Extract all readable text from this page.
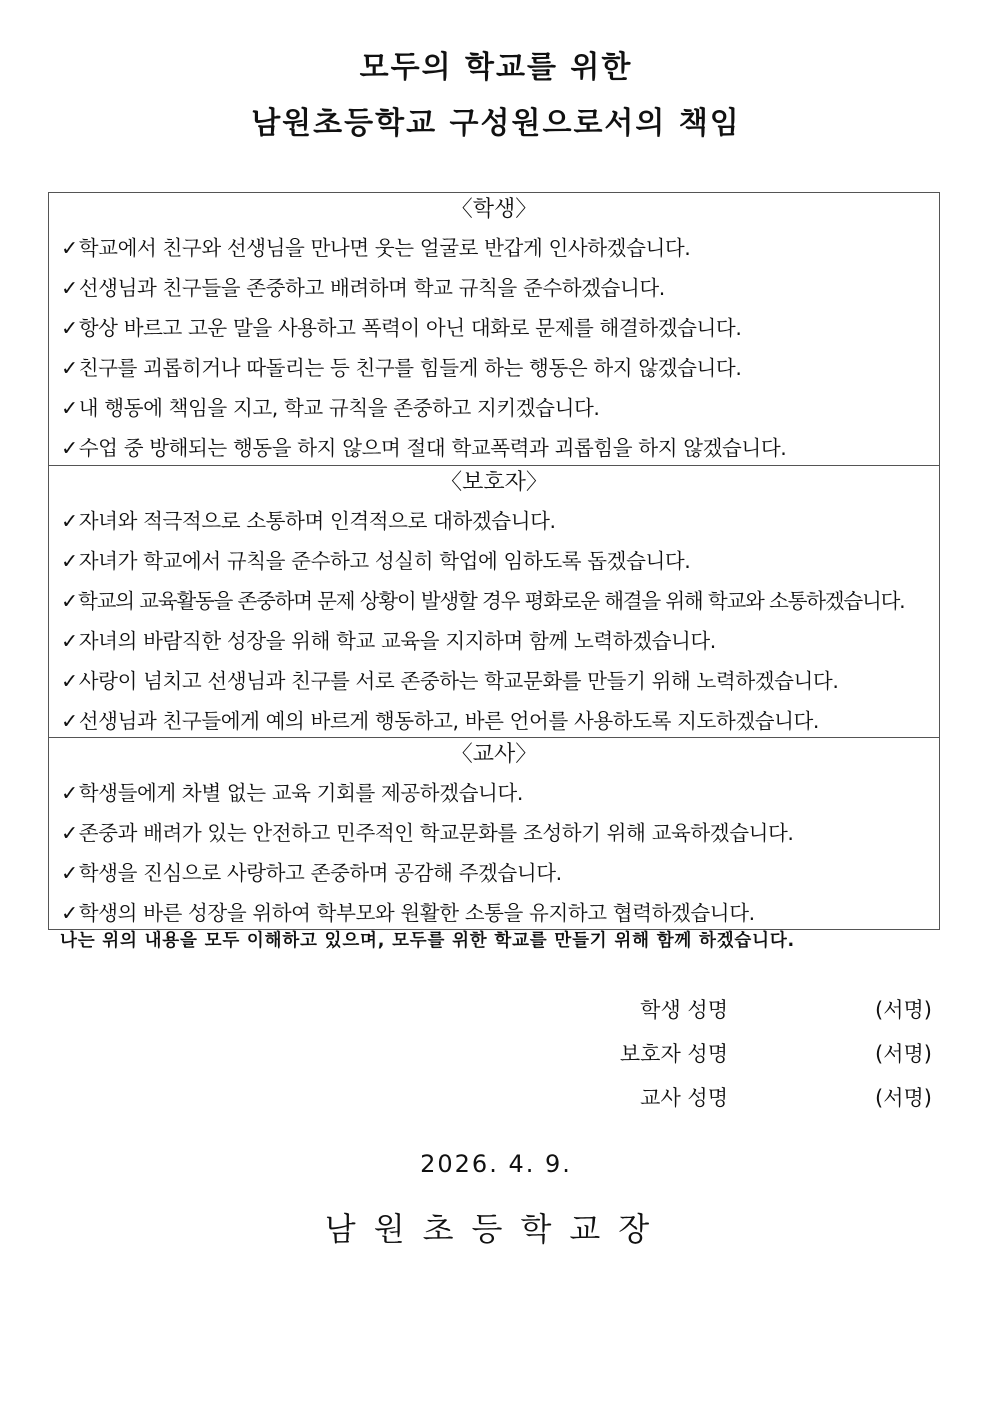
모두의 학교를 위한
남원초등학교 구성원으로서의 책임
〈학생〉
✓학교에서 친구와 선생님을 만나면 웃는 얼굴로 반갑게 인사하겠습니다.
✓선생님과 친구들을 존중하고 배려하며 학교 규칙을 준수하겠습니다.
✓항상 바르고 고운 말을 사용하고 폭력이 아닌 대화로 문제를 해결하겠습니다.
✓친구를 괴롭히거나 따돌리는 등 친구를 힘들게 하는 행동은 하지 않겠습니다.
✓내 행동에 책임을 지고, 학교 규칙을 존중하고 지키겠습니다.
✓수업 중 방해되는 행동을 하지 않으며 절대 학교폭력과 괴롭힘을 하지 않겠습니다.
〈보호자〉
✓자녀와 적극적으로 소통하며 인격적으로 대하겠습니다.
✓자녀가 학교에서 규칙을 준수하고 성실히 학업에 임하도록 돕겠습니다.
✓학교의 교육활동을 존중하며 문제 상황이 발생할 경우 평화로운 해결을 위해 학교와 소통하겠습니다.
✓자녀의 바람직한 성장을 위해 학교 교육을 지지하며 함께 노력하겠습니다.
✓사랑이 넘치고 선생님과 친구를 서로 존중하는 학교문화를 만들기 위해 노력하겠습니다.
✓선생님과 친구들에게 예의 바르게 행동하고, 바른 언어를 사용하도록 지도하겠습니다.
〈교사〉
✓학생들에게 차별 없는 교육 기회를 제공하겠습니다.
✓존중과 배려가 있는 안전하고 민주적인 학교문화를 조성하기 위해 교육하겠습니다.
✓학생을 진심으로 사랑하고 존중하며 공감해 주겠습니다.
✓학생의 바른 성장을 위하여 학부모와 원활한 소통을 유지하고 협력하겠습니다.
나는 위의 내용을 모두 이해하고 있으며, 모두를 위한 학교를 만들기 위해 함께 하겠습니다.
학생 성명	(서명)
보호자 성명	(서명)
교사 성명	(서명)
2026. 4. 9.
남원초등학교장
